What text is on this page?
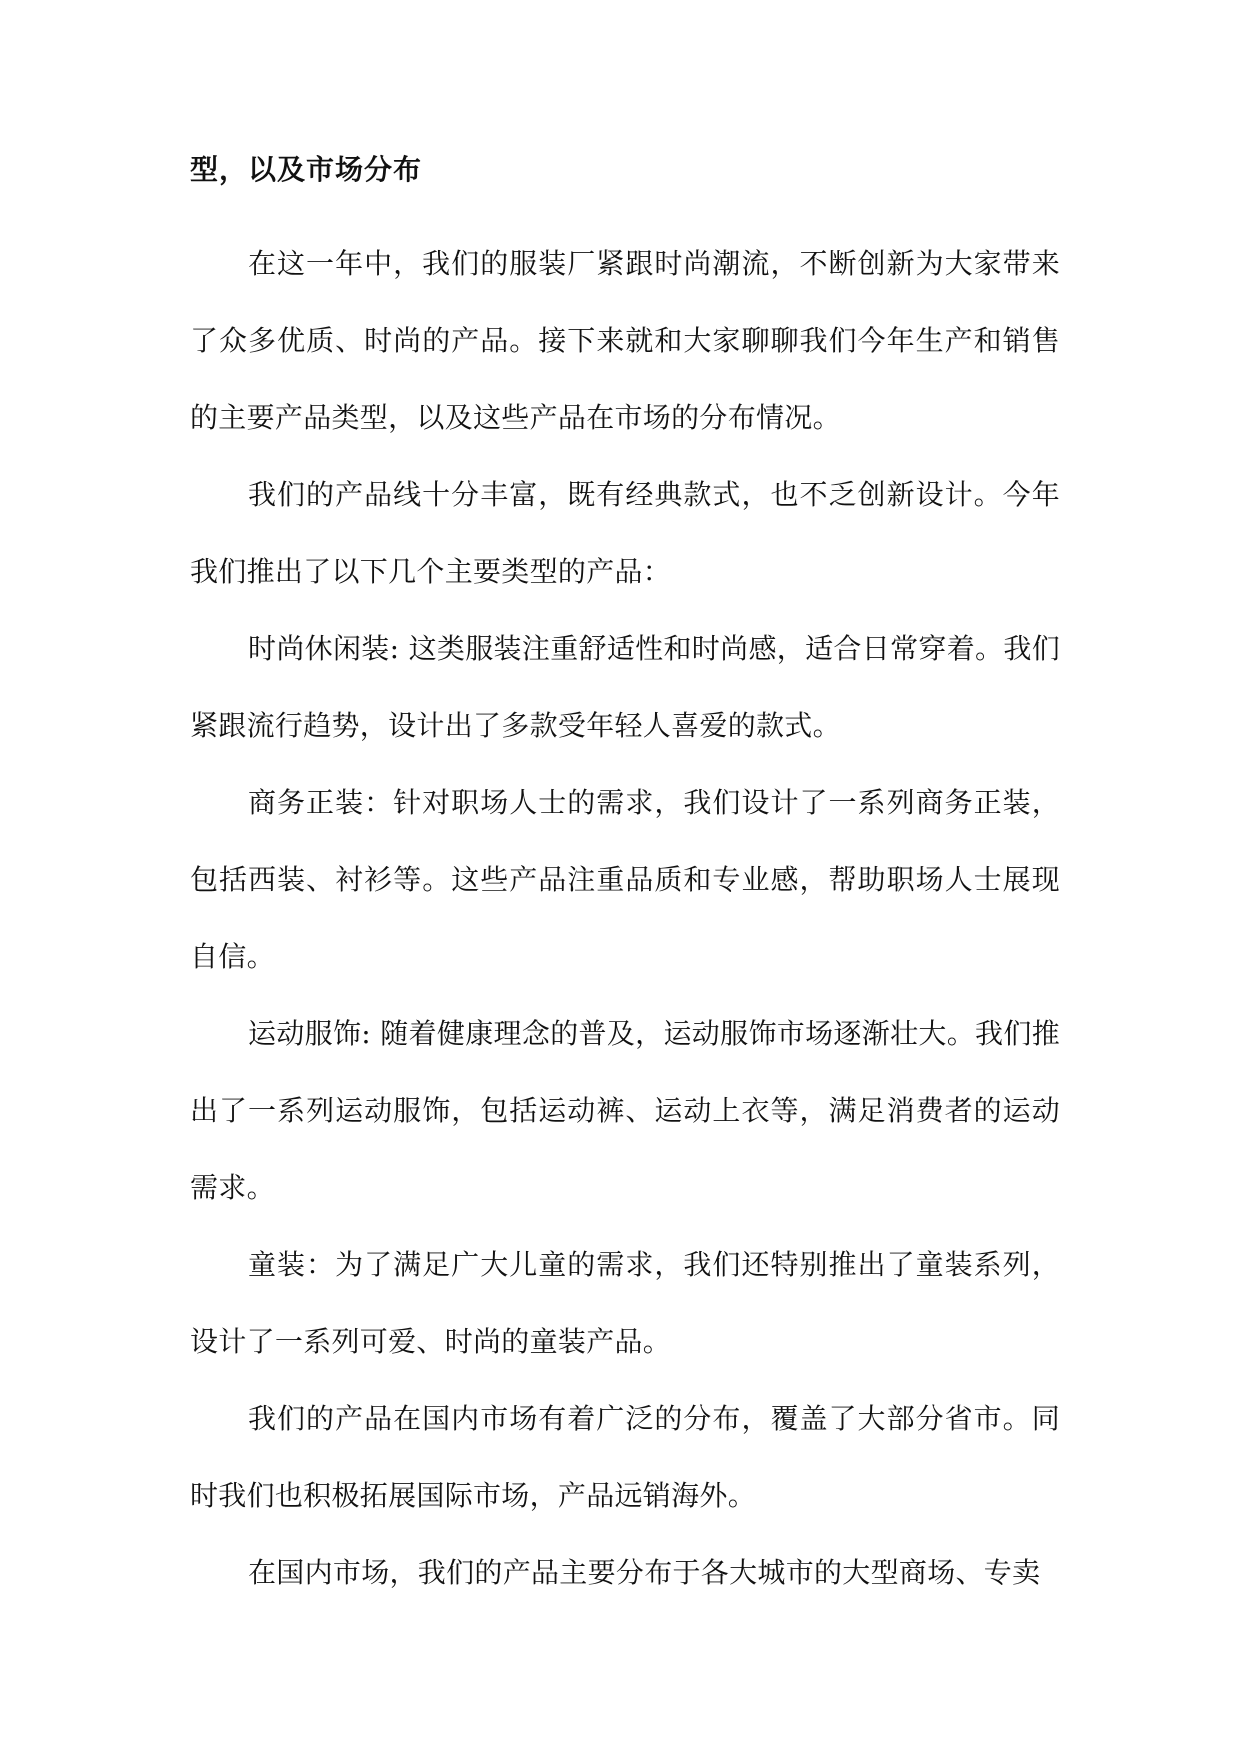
型，以及市场分布

在这一年中，我们的服装厂紧跟时尚潮流，不断创新为大家带来了众多优质、时尚的产品。接下来就和大家聊聊我们今年生产和销售的主要产品类型，以及这些产品在市场的分布情况。

我们的产品线十分丰富，既有经典款式，也不乏创新设计。今年我们推出了以下几个主要类型的产品：

时尚休闲装: 这类服装注重舒适性和时尚感，适合日常穿着。我们紧跟流行趋势，设计出了多款受年轻人喜爱的款式。

商务正装：针对职场人士的需求，我们设计了一系列商务正装，包括西装、衬衫等。这些产品注重品质和专业感，帮助职场人士展现自信。

运动服饰: 随着健康理念的普及，运动服饰市场逐渐壮大。我们推出了一系列运动服饰，包括运动裤、运动上衣等，满足消费者的运动需求。

童装：为了满足广大儿童的需求，我们还特别推出了童装系列，设计了一系列可爱、时尚的童装产品。

我们的产品在国内市场有着广泛的分布，覆盖了大部分省市。同时我们也积极拓展国际市场，产品远销海外。

在国内市场，我们的产品主要分布于各大城市的大型商场、专卖
